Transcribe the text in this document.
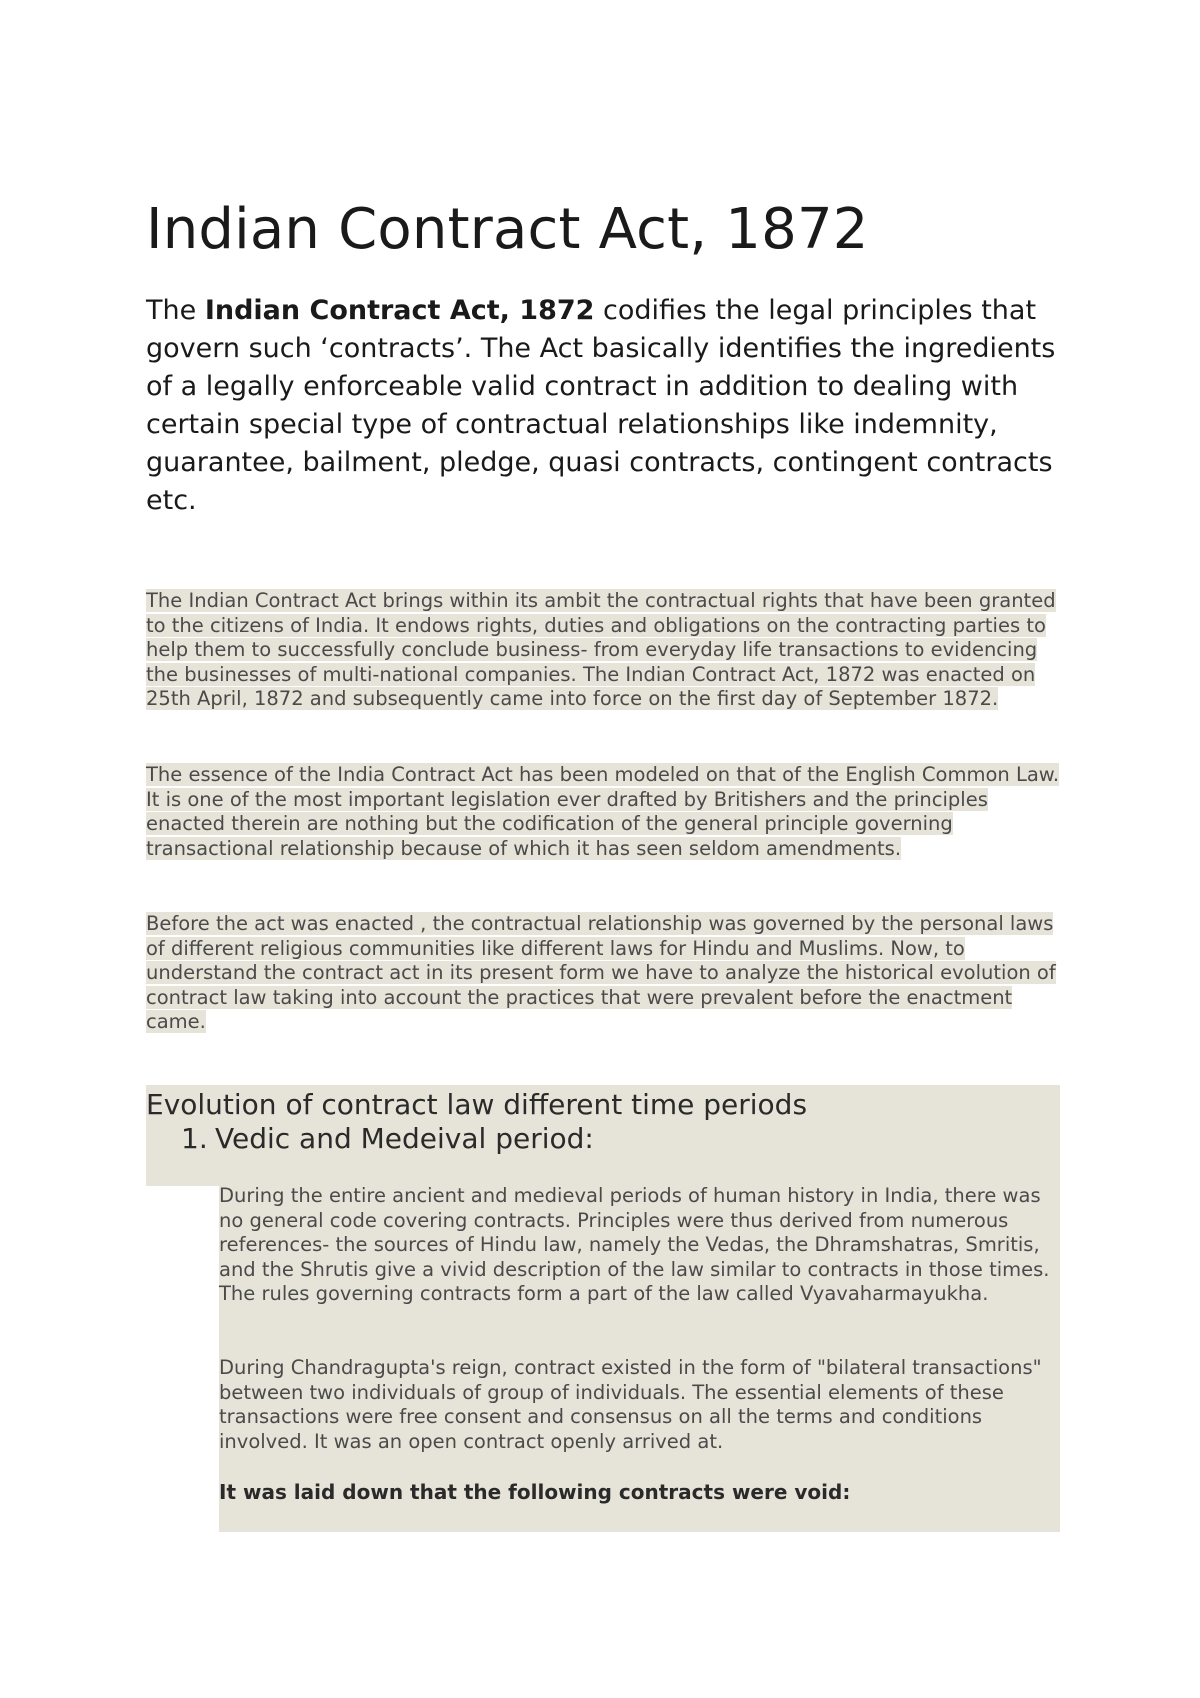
Indian Contract Act, 1872

The Indian Contract Act, 1872 codifies the legal principles that govern such ‘contracts’. The Act basically identifies the ingredients of a legally enforceable valid contract in addition to dealing with certain special type of contractual relationships like indemnity, guarantee, bailment, pledge, quasi contracts, contingent contracts etc.

The Indian Contract Act brings within its ambit the contractual rights that have been granted to the citizens of India. It endows rights, duties and obligations on the contracting parties to help them to successfully conclude business- from everyday life transactions to evidencing the businesses of multi-national companies. The Indian Contract Act, 1872 was enacted on 25th April, 1872 and subsequently came into force on the first day of September 1872.

The essence of the India Contract Act has been modeled on that of the English Common Law. It is one of the most important legislation ever drafted by Britishers and the principles enacted therein are nothing but the codification of the general principle governing transactional relationship because of which it has seen seldom amendments.

Before the act was enacted , the contractual relationship was governed by the personal laws of different religious communities like different laws for Hindu and Muslims. Now, to understand the contract act in its present form we have to analyze the historical evolution of contract law taking into account the practices that were prevalent before the enactment came.

Evolution of contract law different time periods

1. Vedic and Medeival period:

During the entire ancient and medieval periods of human history in India, there was no general code covering contracts. Principles were thus derived from numerous references- the sources of Hindu law, namely the Vedas, the Dhramshatras, Smritis, and the Shrutis give a vivid description of the law similar to contracts in those times. The rules governing contracts form a part of the law called Vyavaharmayukha.

During Chandragupta's reign, contract existed in the form of "bilateral transactions" between two individuals of group of individuals. The essential elements of these transactions were free consent and consensus on all the terms and conditions involved. It was an open contract openly arrived at.

It was laid down that the following contracts were void:
